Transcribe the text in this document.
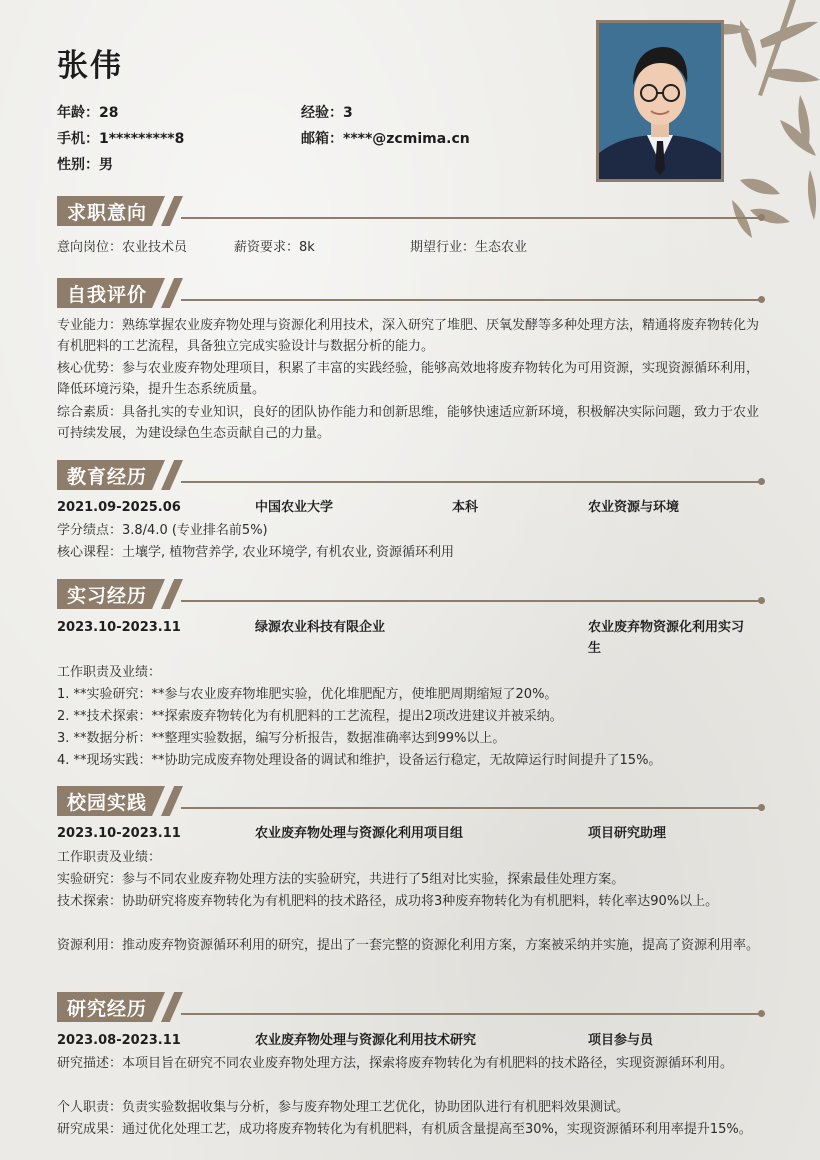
张伟
年龄：28	经验：3
手机：1*********8	邮箱：****@zcmima.cn
性别：男
求职意向
意向岗位：农业技术员	薪资要求：8k	期望行业：生态农业
自我评价
专业能力：熟练掌握农业废弃物处理与资源化利用技术，深入研究了堆肥、厌氧发酵等多种处理方法，精通将废弃物转化为有机肥料的工艺流程，具备独立完成实验设计与数据分析的能力。
核心优势：参与农业废弃物处理项目，积累了丰富的实践经验，能够高效地将废弃物转化为可用资源，实现资源循环利用，降低环境污染，提升生态系统质量。
综合素质：具备扎实的专业知识，良好的团队协作能力和创新思维，能够快速适应新环境，积极解决实际问题，致力于农业可持续发展，为建设绿色生态贡献自己的力量。
教育经历
2021.09-2025.06	中国农业大学	本科	农业资源与环境
学分绩点：3.8/4.0 (专业排名前5%)
核心课程：土壤学, 植物营养学, 农业环境学, 有机农业, 资源循环利用
实习经历
2023.10-2023.11	绿源农业科技有限企业	农业废弃物资源化利用实习
生
工作职责及业绩：
1. **实验研究：**参与农业废弃物堆肥实验，优化堆肥配方，使堆肥周期缩短了20%。
2. **技术探索：**探索废弃物转化为有机肥料的工艺流程，提出2项改进建议并被采纳。
3. **数据分析：**整理实验数据，编写分析报告，数据准确率达到99%以上。
4. **现场实践：**协助完成废弃物处理设备的调试和维护，设备运行稳定，无故障运行时间提升了15%。
校园实践
2023.10-2023.11	农业废弃物处理与资源化利用项目组	项目研究助理
工作职责及业绩：
实验研究：参与不同农业废弃物处理方法的实验研究，共进行了5组对比实验，探索最佳处理方案。
技术探索：协助研究将废弃物转化为有机肥料的技术路径，成功将3种废弃物转化为有机肥料，转化率达90%以上。
资源利用：推动废弃物资源循环利用的研究，提出了一套完整的资源化利用方案，方案被采纳并实施，提高了资源利用率。
研究经历
2023.08-2023.11	农业废弃物处理与资源化利用技术研究	项目参与员
研究描述：本项目旨在研究不同农业废弃物处理方法，探索将废弃物转化为有机肥料的技术路径，实现资源循环利用。
个人职责：负责实验数据收集与分析，参与废弃物处理工艺优化，协助团队进行有机肥料效果测试。
研究成果：通过优化处理工艺，成功将废弃物转化为有机肥料，有机质含量提高至30%，实现资源循环利用率提升15%。
